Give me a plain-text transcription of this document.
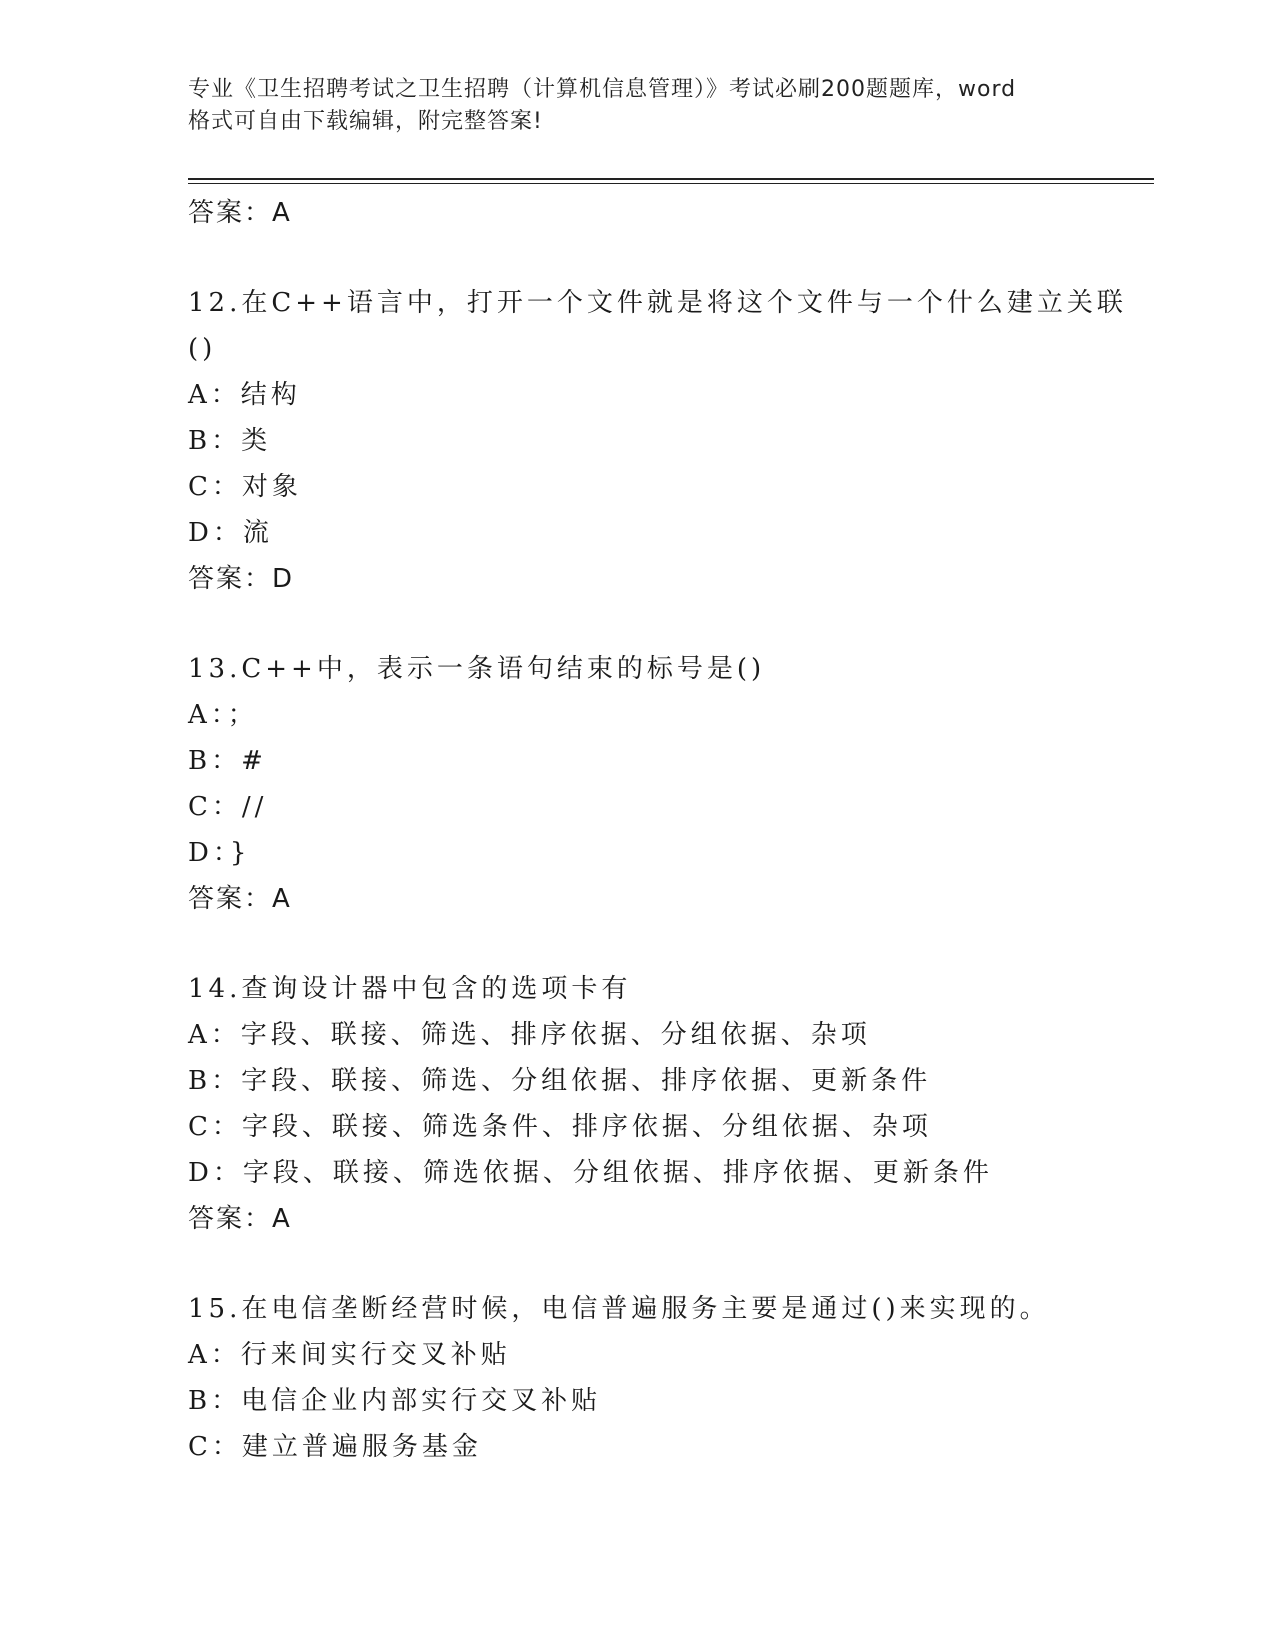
专业《卫生招聘考试之卫生招聘（计算机信息管理）》考试必刷200题题库，word
格式可自由下载编辑，附完整答案!
答案：A
12.在C++语言中，打开一个文件就是将这个文件与一个什么建立关联
()
A：结构
B：类
C：对象
D：流
答案：D
13.C++中，表示一条语句结束的标号是()
A：；
B：#
C：//
D：}
答案：A
14.查询设计器中包含的选项卡有
A：字段、联接、筛选、排序依据、分组依据、杂项
B：字段、联接、筛选、分组依据、排序依据、更新条件
C：字段、联接、筛选条件、排序依据、分组依据、杂项
D：字段、联接、筛选依据、分组依据、排序依据、更新条件
答案：A
15.在电信垄断经营时候，电信普遍服务主要是通过()来实现的。
A：行来间实行交叉补贴
B：电信企业内部实行交叉补贴
C：建立普遍服务基金
